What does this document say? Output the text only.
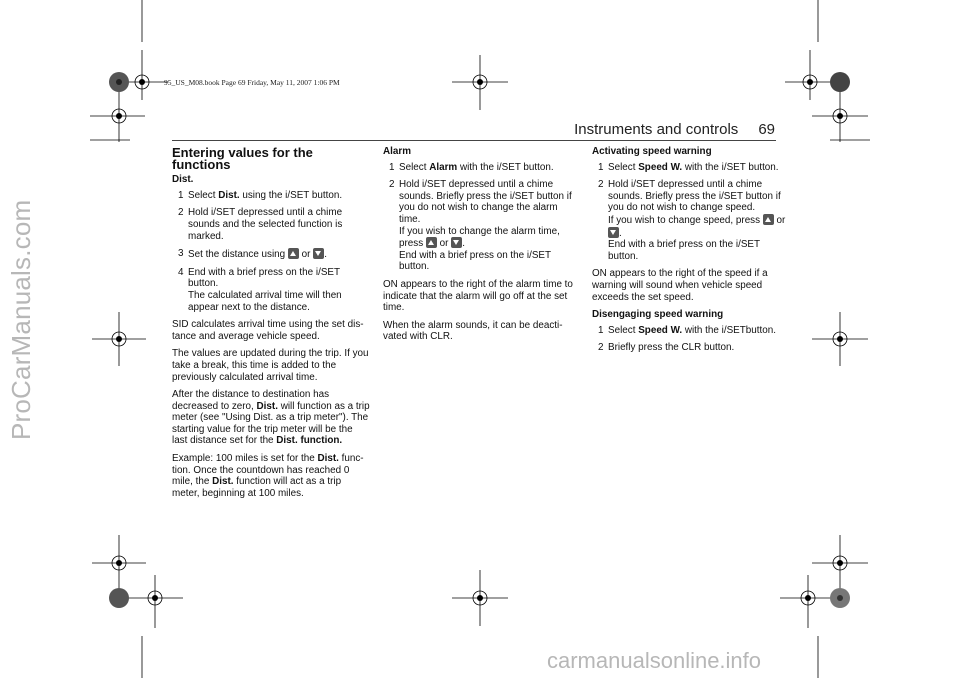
95_US_M08.book Page 69 Friday, May 11, 2007 1:06 PM
Instruments and controls 69
ProCarManuals.com
carmanualsonline.info
Entering values for the functions
Dist.
1 Select Dist. using the i/SET button.
2 Hold i/SET depressed until a chime sounds and the selected function is marked.
3 Set the distance using  or .
4 End with a brief press on the i/SET button.
The calculated arrival time will then appear next to the distance.

SID calculates arrival time using the set dis-tance and average vehicle speed.

The values are updated during the trip. If you take a break, this time is added to the previously calculated arrival time.

After the distance to destination has decreased to zero, Dist. will function as a trip meter (see "Using Dist. as a trip meter"). The starting value for the trip meter will be the last distance set for the Dist. function.

Example: 100 miles is set for the Dist. func-tion. Once the countdown has reached 0 mile, the Dist. function will act as a trip meter, beginning at 100 miles.

Alarm
1 Select Alarm with the i/SET button.
2 Hold i/SET depressed until a chime sounds. Briefly press the i/SET button if you do not wish to change the alarm time.
If you wish to change the alarm time,
press  or .
End with a brief press on the i/SET button.

ON appears to the right of the alarm time to indicate that the alarm will go off at the set time.

When the alarm sounds, it can be deacti-vated with CLR.

Activating speed warning
1 Select Speed W. with the i/SET button.
2 Hold i/SET depressed until a chime sounds. Briefly press the i/SET button if you do not wish to change speed.
If you wish to change speed, press  or
.
End with a brief press on the i/SET button.

ON appears to the right of the speed if a warning will sound when vehicle speed exceeds the set speed.

Disengaging speed warning
1 Select Speed W. with the i/SETbutton.
2 Briefly press the CLR button.
